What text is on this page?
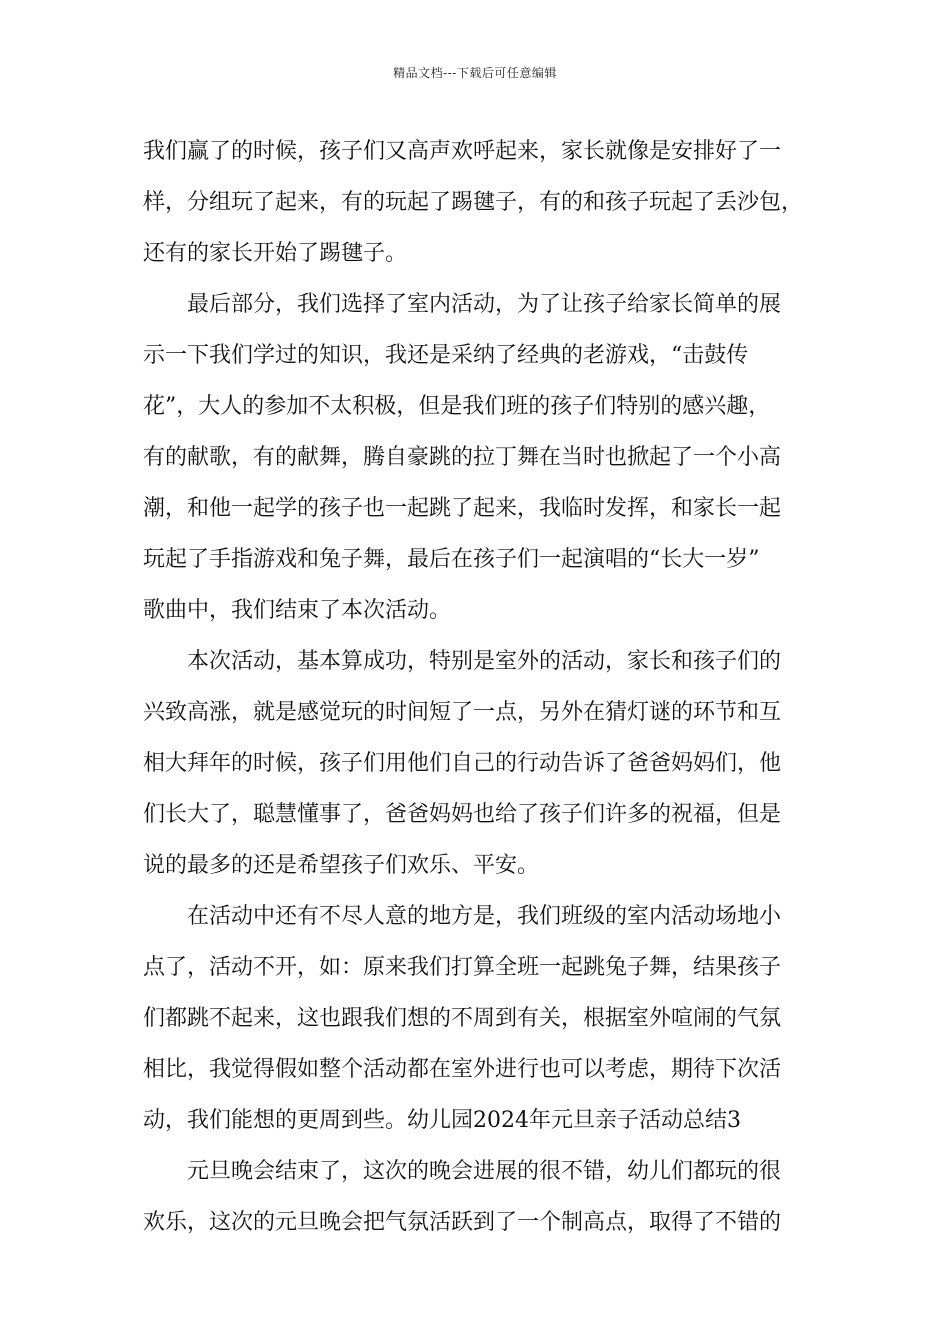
精品文档---下载后可任意编辑
我们赢了的时候，孩子们又高声欢呼起来，家长就像是安排好了一
样，分组玩了起来，有的玩起了踢毽子，有的和孩子玩起了丢沙包，
还有的家长开始了踢毽子。
最后部分，我们选择了室内活动，为了让孩子给家长简单的展
示一下我们学过的知识，我还是采纳了经典的老游戏，“击鼓传
花”，大人的参加不太积极，但是我们班的孩子们特别的感兴趣，
有的献歌，有的献舞，腾自豪跳的拉丁舞在当时也掀起了一个小高
潮，和他一起学的孩子也一起跳了起来，我临时发挥，和家长一起
玩起了手指游戏和兔子舞，最后在孩子们一起演唱的“长大一岁”
歌曲中，我们结束了本次活动。
本次活动，基本算成功，特别是室外的活动，家长和孩子们的
兴致高涨，就是感觉玩的时间短了一点，另外在猜灯谜的环节和互
相大拜年的时候，孩子们用他们自己的行动告诉了爸爸妈妈们，他
们长大了，聪慧懂事了，爸爸妈妈也给了孩子们许多的祝福，但是
说的最多的还是希望孩子们欢乐、平安。
在活动中还有不尽人意的地方是，我们班级的室内活动场地小
点了，活动不开，如：原来我们打算全班一起跳兔子舞，结果孩子
们都跳不起来，这也跟我们想的不周到有关，根据室外喧闹的气氛
相比，我觉得假如整个活动都在室外进行也可以考虑，期待下次活
动，我们能想的更周到些。幼儿园2024年元旦亲子活动总结3
元旦晚会结束了，这次的晚会进展的很不错，幼儿们都玩的很
欢乐，这次的元旦晚会把气氛活跃到了一个制高点，取得了不错的
